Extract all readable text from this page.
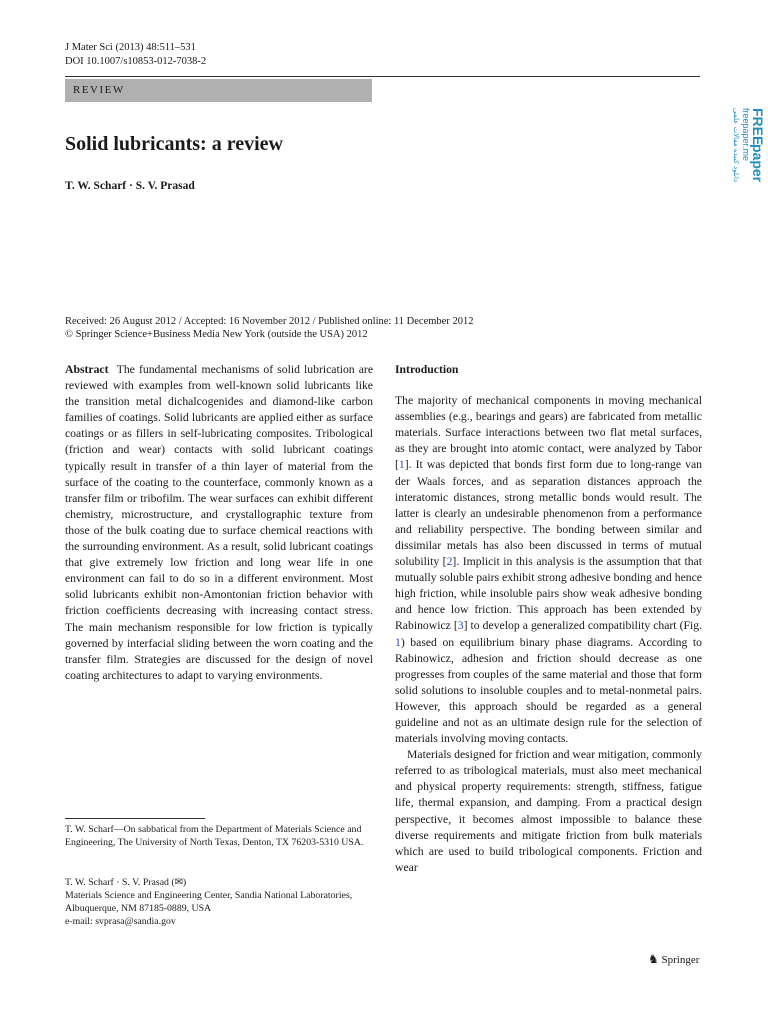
J Mater Sci (2013) 48:511–531
DOI 10.1007/s10853-012-7038-2
REVIEW
Solid lubricants: a review
T. W. Scharf · S. V. Prasad
Received: 26 August 2012 / Accepted: 16 November 2012 / Published online: 11 December 2012
© Springer Science+Business Media New York (outside the USA) 2012
FREE
paper
freepaper.me
دانلود کننده مقالات علمی

Abstract The fundamental mechanisms of solid lubrication are reviewed with examples from well-known solid lubricants like the transition metal dichalcogenides and diamond-like carbon families of coatings. Solid lubricants are applied either as surface coatings or as fillers in self-lubricating composites. Tribological (friction and wear) contacts with solid lubricant coatings typically result in transfer of a thin layer of material from the surface of the coating to the counterface, commonly known as a transfer film or tribofilm. The wear surfaces can exhibit different chemistry, microstructure, and crystallographic texture from those of the bulk coating due to surface chemical reactions with the surrounding environment. As a result, solid lubricant coatings that give extremely low friction and long wear life in one environment can fail to do so in a different environment. Most solid lubricants exhibit non-Amontonian friction behavior with friction coefficients decreasing with increasing contact stress. The main mechanism responsible for low friction is typically governed by interfacial sliding between the worn coating and the transfer film. Strategies are discussed for the design of novel coating architectures to adapt to varying environments.

T. W. Scharf—On sabbatical from the Department of Materials Science and Engineering, The University of North Texas, Denton, TX 76203-5310 USA.
T. W. Scharf · S. V. Prasad (✉)
Materials Science and Engineering Center, Sandia National Laboratories, Albuquerque, NM 87185-0889, USA
e-mail: svprasa@sandia.gov

Introduction

The majority of mechanical components in moving mechanical assemblies (e.g., bearings and gears) are fabricated from metallic materials. Surface interactions between two flat metal surfaces, as they are brought into atomic contact, were analyzed by Tabor [1]. It was depicted that bonds first form due to long-range van der Waals forces, and as separation distances approach the interatomic distances, strong metallic bonds would result. The latter is clearly an undesirable phenomenon from a performance and reliability perspective. The bonding between similar and dissimilar metals has also been discussed in terms of mutual solubility [2]. Implicit in this analysis is the assumption that that mutually soluble pairs exhibit strong adhesive bonding and hence high friction, while insoluble pairs show weak adhesive bonding and hence low friction. This approach has been extended by Rabinowicz [3] to develop a generalized compatibility chart (Fig. 1) based on equilibrium binary phase diagrams. According to Rabinowicz, adhesion and friction should decrease as one progresses from couples of the same material and those that form solid solutions to insoluble couples and to metal-nonmetal pairs. However, this approach should be regarded as a general guideline and not as an ultimate design rule for the selection of materials involving moving contacts.

Materials designed for friction and wear mitigation, commonly referred to as tribological materials, must also meet mechanical and physical property requirements: strength, stiffness, fatigue life, thermal expansion, and damping. From a practical design perspective, it becomes almost impossible to balance these diverse requirements and mitigate friction from bulk materials which are used to build tribological components. Friction and wear

♞ Springer
